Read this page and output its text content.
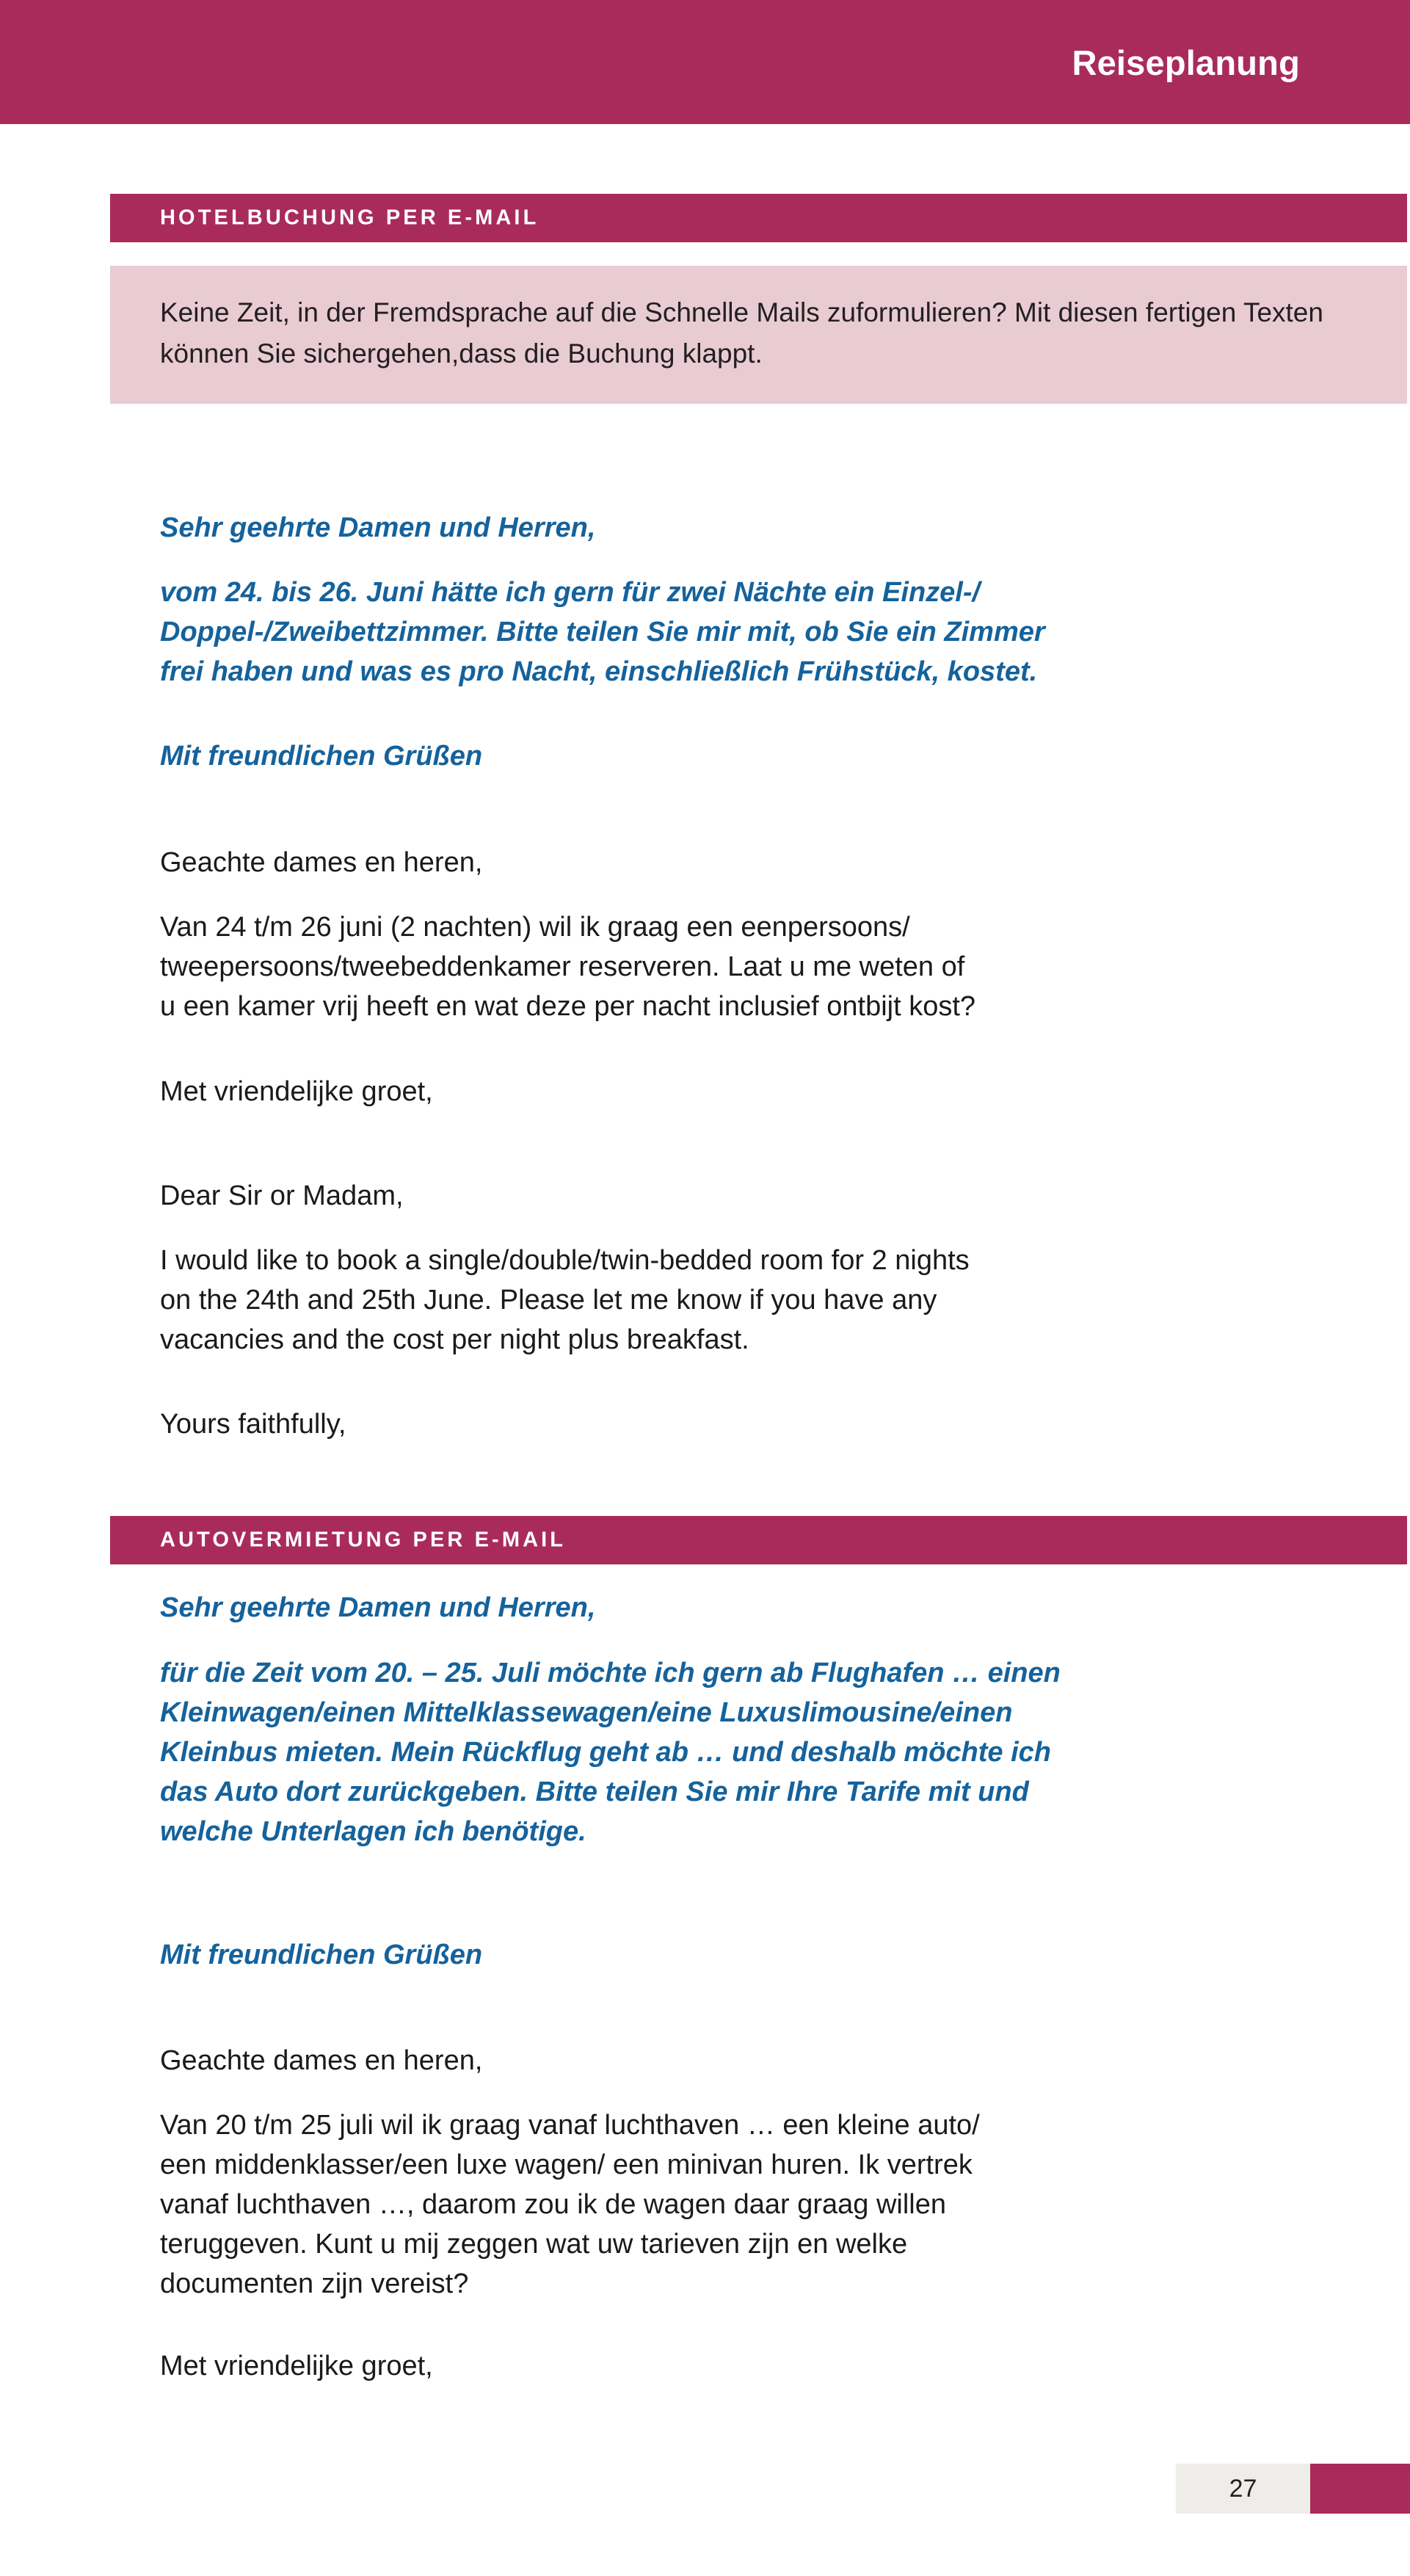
Reiseplanung
HOTELBUCHUNG PER E-MAIL
Keine Zeit, in der Fremdsprache auf die Schnelle Mails zuformulieren? Mit diesen fertigen Texten können Sie sichergehen,dass die Buchung klappt.
Sehr geehrte Damen und Herren,
vom 24. bis 26. Juni hätte ich gern für zwei Nächte ein Einzel-/
Doppel-/Zweibettzimmer. Bitte teilen Sie mir mit, ob Sie ein Zimmer
frei haben und was es pro Nacht, einschließlich Frühstück, kostet.
Mit freundlichen Grüßen
Geachte dames en heren,
Van 24 t/m 26 juni (2 nachten) wil ik graag een eenpersoons/
tweepersoons/tweebeddenkamer reserveren. Laat u me weten of
u een kamer vrij heeft en wat deze per nacht inclusief ontbijt kost?
Met vriendelijke groet,
Dear Sir or Madam,
I would like to book a single/double/twin-bedded room for 2 nights
on the 24th and 25th June. Please let me know if you have any
vacancies and the cost per night plus breakfast.
Yours faithfully,
AUTOVERMIETUNG PER E-MAIL
Sehr geehrte Damen und Herren,
für die Zeit vom 20. – 25. Juli möchte ich gern ab Flughafen … einen
Kleinwagen/einen Mittelklassewagen/eine Luxuslimousine/einen
Kleinbus mieten. Mein Rückflug geht ab … und deshalb möchte ich
das Auto dort zurückgeben. Bitte teilen Sie mir Ihre Tarife mit und
welche Unterlagen ich benötige.
Mit freundlichen Grüßen
Geachte dames en heren,
Van 20 t/m 25 juli wil ik graag vanaf luchthaven … een kleine auto/
een middenklasser/een luxe wagen/ een minivan huren. Ik vertrek
vanaf luchthaven …, daarom zou ik de wagen daar graag willen
teruggeven. Kunt u mij zeggen wat uw tarieven zijn en welke
documenten zijn vereist?
Met vriendelijke groet,
27
